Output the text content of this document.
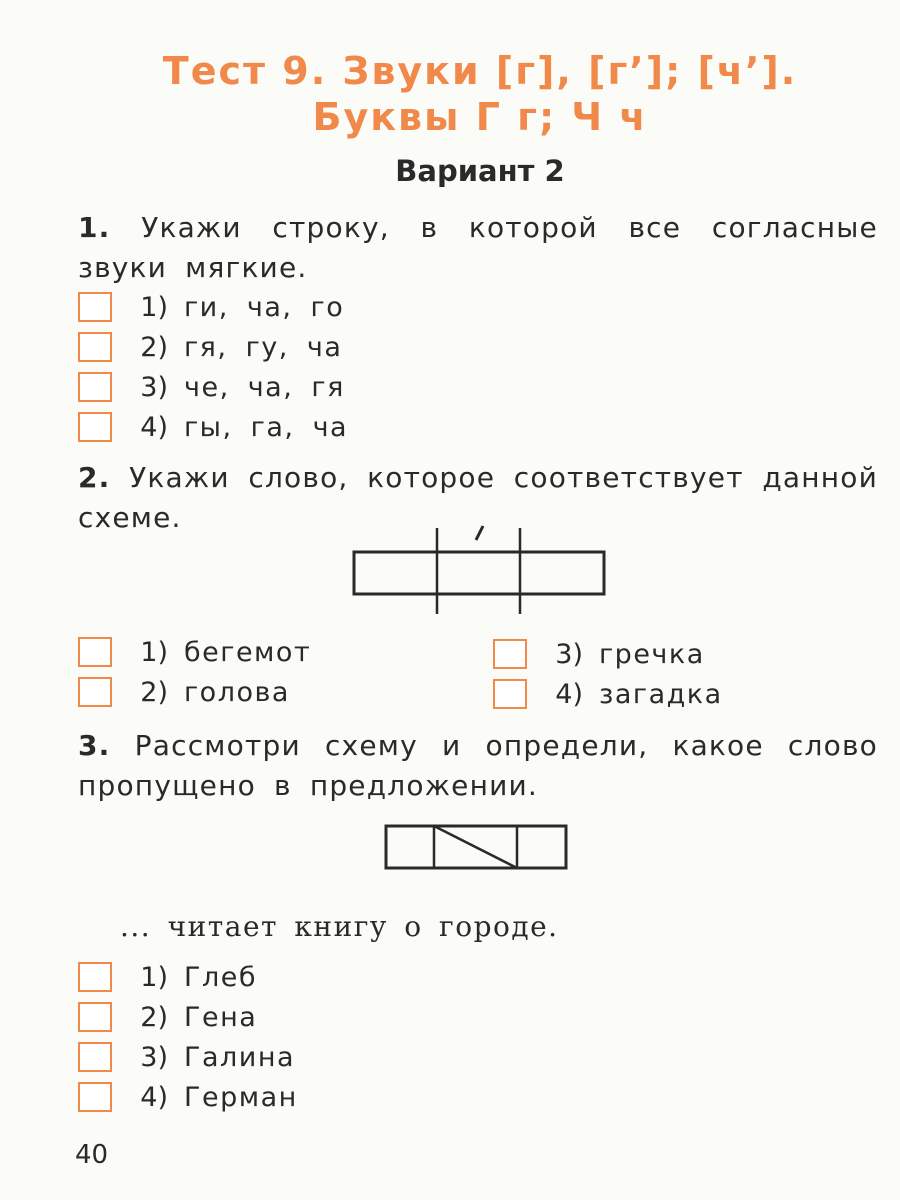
Тест 9. Звуки [г], [г’]; [ч’].
Буквы Г г; Ч ч
Вариант 2

1. Укажи строку, в которой все согласные звуки мягкие.

1) ги, ча, го
2) гя, гу, ча
3) че, ча, гя
4) гы, га, ча

2. Укажи слово, которое соответствует данной схеме.

1) бегемот
2) голова
3) гречка
4) загадка

3. Рассмотри схему и определи, какое слово пропущено в предложении.

... читает книгу о городе.
1) Глеб
2) Гена
3) Галина
4) Герман
40
